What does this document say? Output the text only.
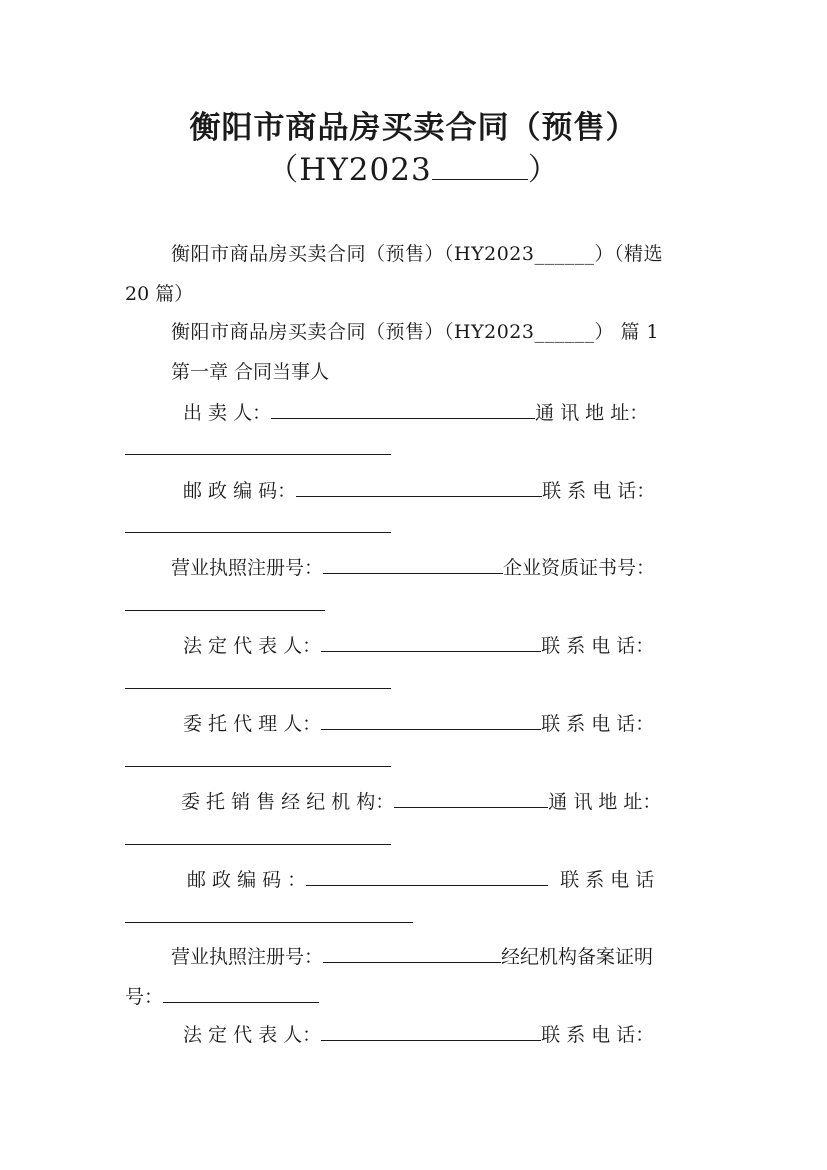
衡阳市商品房买卖合同（预售）
（HY2023	）
衡阳市商品房买卖合同（预售）（HY2023______）（精选
20 篇）
衡阳市商品房买卖合同（预售）（HY2023______） 篇 1
第一章 合同当事人
出 卖 人：	通 讯 地 址：
邮 政 编 码：	联 系 电 话：
营业执照注册号：	企业资质证书号：
法 定 代 表 人：	联 系 电 话：
委 托 代 理 人：	联 系 电 话：
委 托 销 售 经 纪 机 构：	通 讯 地 址：
邮 政 编 码 ：	联 系 电 话
营业执照注册号：	经纪机构备案证明
号：
法 定 代 表 人：	联 系 电 话：
